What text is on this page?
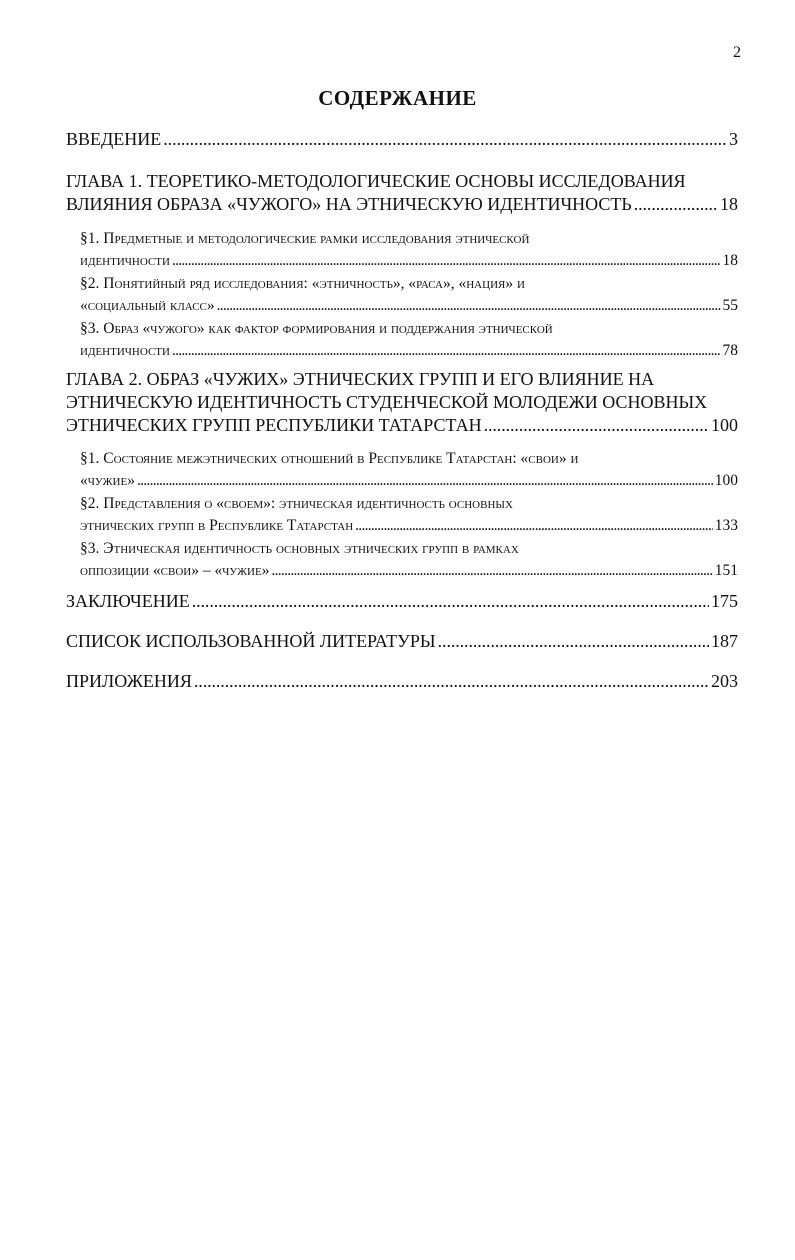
2
СОДЕРЖАНИЕ
ВВЕДЕНИЕ . . .	3
ГЛАВА 1. ТЕОРЕТИКО-МЕТОДОЛОГИЧЕСКИЕ ОСНОВЫ ИССЛЕДОВАНИЯ
ВЛИЯНИЯ ОБРАЗА «ЧУЖОГО» НА ЭТНИЧЕСКУЮ ИДЕНТИЧНОСТЬ . . .	18
§1. Предметные и методологические рамки исследования этнической
идентичности . . .	18
§2. Понятийный ряд исследования: «этничность», «раса», «нация» и
«социальный класс» . . .	55
§3. Образ «чужого» как фактор формирования и поддержания этнической
идентичности . . .	78
ГЛАВА 2. ОБРАЗ «ЧУЖИХ» ЭТНИЧЕСКИХ ГРУПП И ЕГО ВЛИЯНИЕ НА
ЭТНИЧЕСКУЮ ИДЕНТИЧНОСТЬ СТУДЕНЧЕСКОЙ МОЛОДЕЖИ ОСНОВНЫХ
ЭТНИЧЕСКИХ ГРУПП РЕСПУБЛИКИ ТАТАРСТАН . . .	100
§1. Состояние межэтнических отношений в Республике Татарстан: «свои» и
«чужие» . . .	100
§2. Представления о «своем»: этническая идентичность основных
этнических групп в Республике Татарстан . . .	133
§3. Этническая идентичность основных этнических групп в рамках
оппозиции «свои» – «чужие» . . .	151
ЗАКЛЮЧЕНИЕ . . .	175
СПИСОК ИСПОЛЬЗОВАННОЙ ЛИТЕРАТУРЫ . . .	187
ПРИЛОЖЕНИЯ . . .	203
